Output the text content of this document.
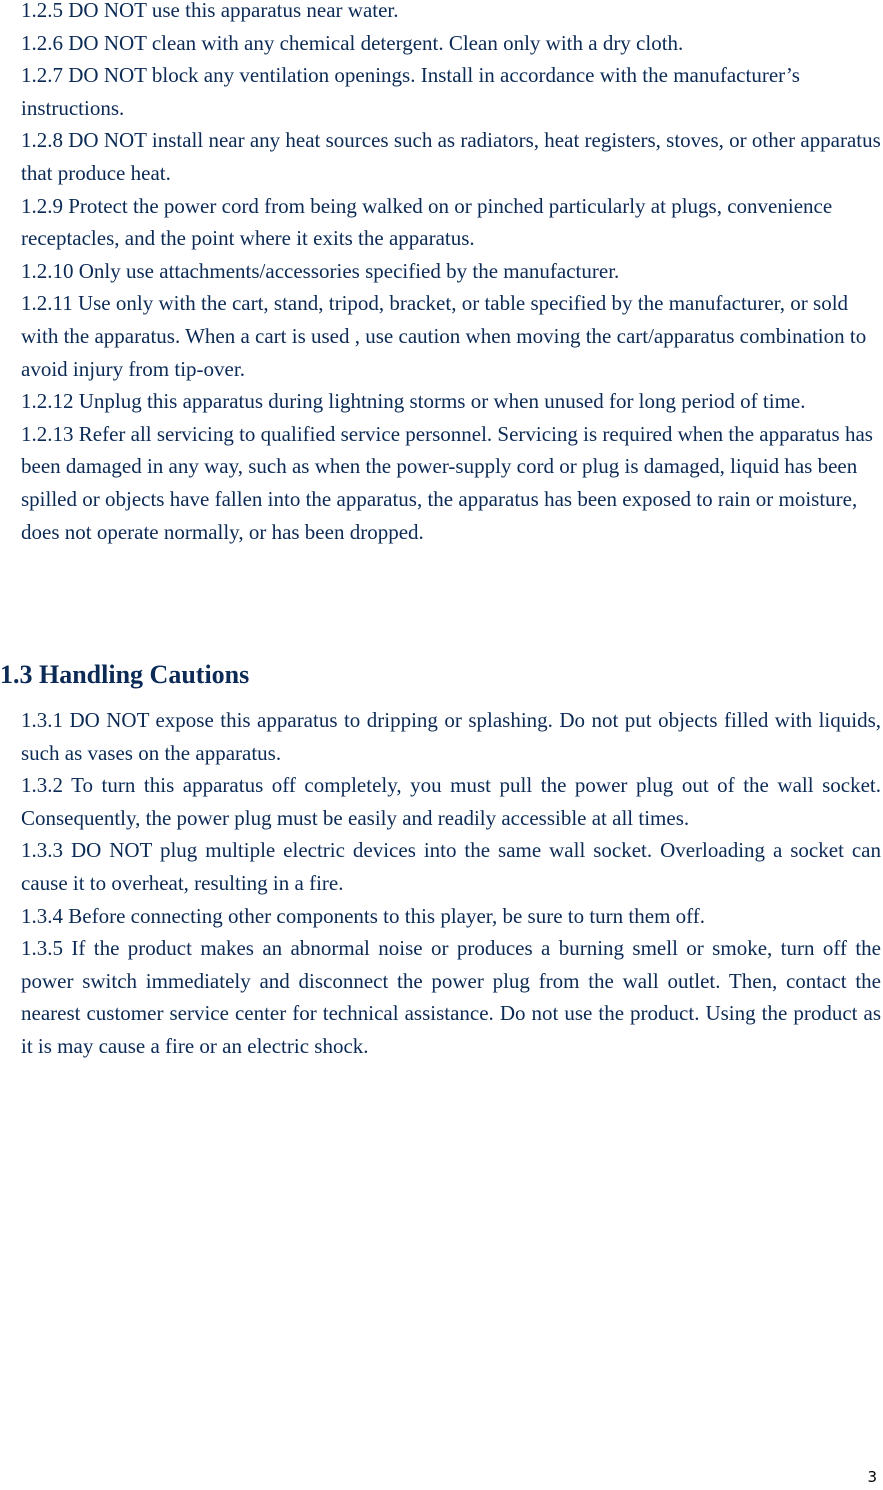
1.2.5 DO NOT use this apparatus near water.

1.2.6 DO NOT clean with any chemical detergent. Clean only with a dry cloth.

1.2.7 DO NOT block any ventilation openings. Install in accordance with the manufacturer’s instructions.

1.2.8 DO NOT install near any heat sources such as radiators, heat registers, stoves, or other apparatus that produce heat.

1.2.9 Protect the power cord from being walked on or pinched particularly at plugs, convenience receptacles, and the point where it exits the apparatus.

1.2.10 Only use attachments/accessories specified by the manufacturer.

1.2.11 Use only with the cart, stand, tripod, bracket, or table specified by the manufacturer, or sold with the apparatus. When a cart is used , use caution when moving the cart/apparatus combination to avoid injury from tip-over.

1.2.12 Unplug this apparatus during lightning storms or when unused for long period of time.

1.2.13 Refer all servicing to qualified service personnel. Servicing is required when the apparatus has been damaged in any way, such as when the power-supply cord or plug is damaged, liquid has been spilled or objects have fallen into the apparatus, the apparatus has been exposed to rain or moisture, does not operate normally, or has been dropped.

1.3 Handling Cautions

1.3.1 DO NOT expose this apparatus to dripping or splashing. Do not put objects filled with liquids, such as vases on the apparatus.

1.3.2 To turn this apparatus off completely, you must pull the power plug out of the wall socket. Consequently, the power plug must be easily and readily accessible at all times.

1.3.3 DO NOT plug multiple electric devices into the same wall socket. Overloading a socket can cause it to overheat, resulting in a fire.

1.3.4 Before connecting other components to this player, be sure to turn them off.

1.3.5 If the product makes an abnormal noise or produces a burning smell or smoke, turn off the power switch immediately and disconnect the power plug from the wall outlet. Then, contact the nearest customer service center for technical assistance. Do not use the product. Using the product as it is may cause a fire or an electric shock.

3
